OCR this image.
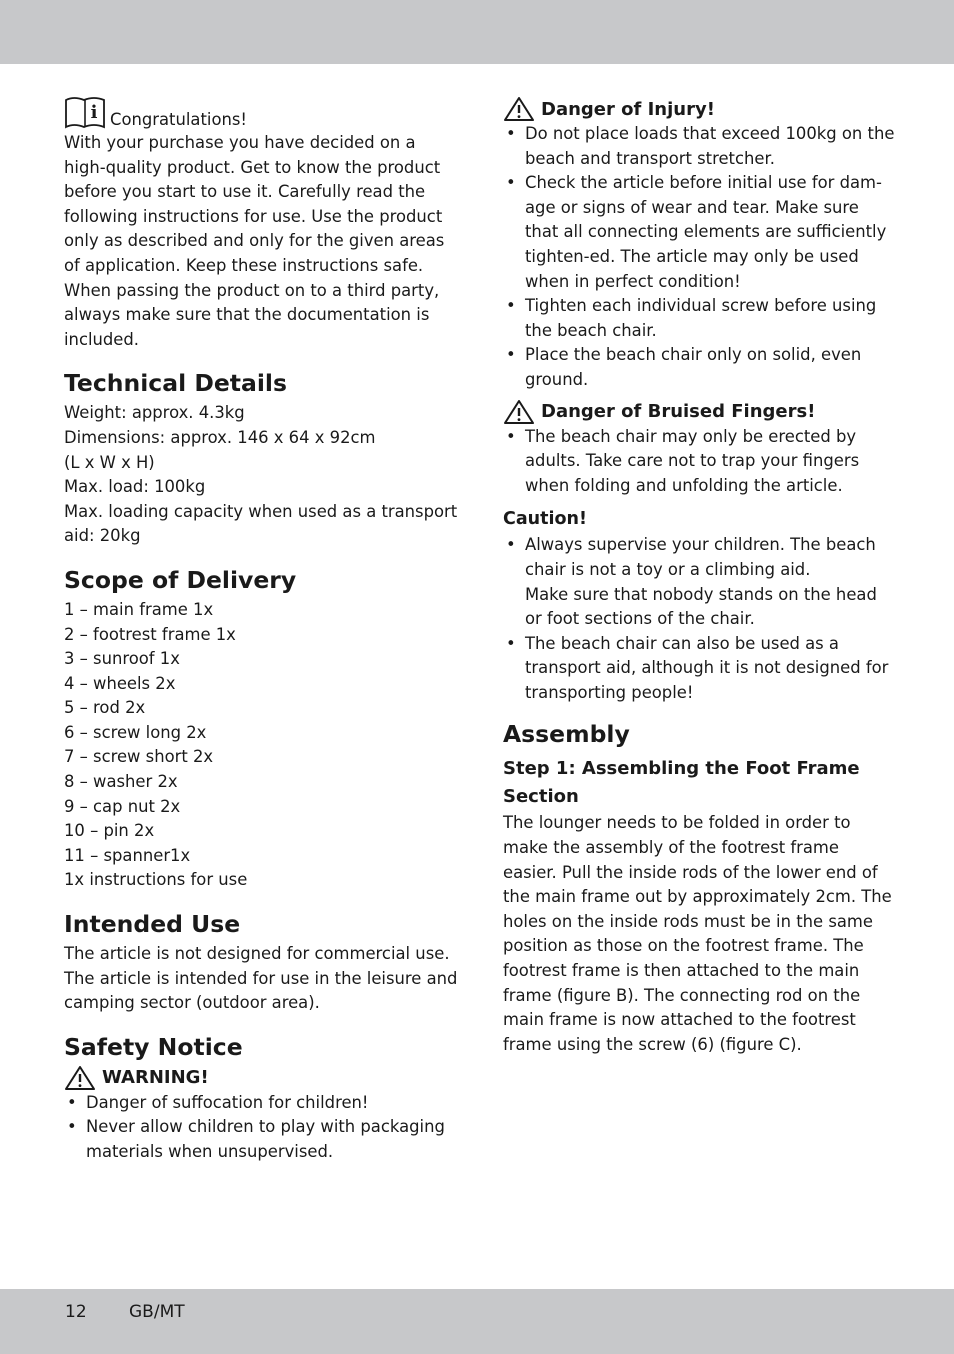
i Congratulations!

With your purchase you have decided on a high-quality product. Get to know the product before you start to use it. Carefully read the following instructions for use. Use the product only as described and only for the given areas of application. Keep these instructions safe. When passing the product on to a third party, always make sure that the documentation is included.

Technical Details

Weight: approx. 4.3kg

Dimensions: approx. 146 x 64 x 92cm

(L x W x H)

Max. load: 100kg

Max. loading capacity when used as a transport aid: 20kg

Scope of Delivery

1 – main frame 1x

2 – footrest frame 1x

3 – sunroof 1x

4 – wheels 2x

5 – rod 2x

6 – screw long 2x

7 – screw short 2x

8 – washer 2x

9 – cap nut 2x

10 – pin 2x

11 – spanner1x

1x instructions for use

Intended Use

The article is not designed for commercial use. The article is intended for use in the leisure and camping sector (outdoor area).

Safety Notice
WARNING!
• Danger of suffocation for children!
• Never allow children to play with packaging materials when unsupervised.
Danger of Injury!
• Do not place loads that exceed 100kg on the beach and transport stretcher.
• Check the article before initial use for dam-age or signs of wear and tear. Make sure that all connecting elements are sufficiently tighten-ed. The article may only be used when in perfect condition!
• Tighten each individual screw before using the beach chair.
• Place the beach chair only on solid, even ground.
Danger of Bruised Fingers!
• The beach chair may only be erected by adults. Take care not to trap your fingers when folding and unfolding the article.
Caution!
• Always supervise your children. The beach chair is not a toy or a climbing aid.
Make sure that nobody stands on the head or foot sections of the chair.
• The beach chair can also be used as a transport aid, although it is not designed for transporting people!
Assembly
Step 1: Assembling the Foot Frame Section

The lounger needs to be folded in order to make the assembly of the footrest frame easier. Pull the inside rods of the lower end of the main frame out by approximately 2cm. The holes on the inside rods must be in the same position as those on the footrest frame. The footrest frame is then attached to the main frame (figure B). The connecting rod on the main frame is now attached to the footrest frame using the screw (6) (figure C).

12 GB/MT
